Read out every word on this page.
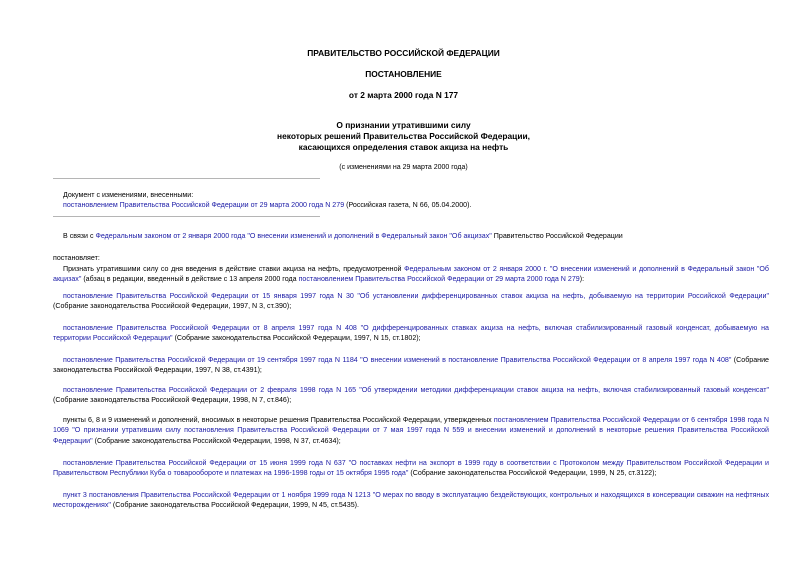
ПРАВИТЕЛЬСТВО РОССИЙСКОЙ ФЕДЕРАЦИИ
ПОСТАНОВЛЕНИЕ
от 2 марта 2000 года N 177
О признании утратившими силу
некоторых решений Правительства Российской Федерации,
касающихся определения ставок акциза на нефть
(с изменениями на 29 марта 2000 года)
Документ с изменениями, внесенными:
постановлением Правительства Российской Федерации от 29 марта 2000 года N 279 (Российская газета, N 66, 05.04.2000).
В связи с Федеральным законом от 2 января 2000 года "О внесении изменений и дополнений в Федеральный закон "Об акцизах" Правительство Российской Федерации
постановляет:
Признать утратившими силу со дня введения в действие ставки акциза на нефть, предусмотренной Федеральным законом от 2 января 2000 г. "О внесении изменений и дополнений в Федеральный закон "Об акцизах" (абзац в редакции, введенный в действие с 13 апреля 2000 года постановлением Правительства Российской Федерации от 29 марта 2000 года N 279):
постановление Правительства Российской Федерации от 15 января 1997 года N 30 "Об установлении дифференцированных ставок акциза на нефть, добываемую на территории Российской Федерации" (Собрание законодательства Российской Федерации, 1997, N 3, ст.390);
постановление Правительства Российской Федерации от 8 апреля 1997 года N 408 "О дифференцированных ставках акциза на нефть, включая стабилизированный газовый конденсат, добываемую на территории Российской Федерации" (Собрание законодательства Российской Федерации, 1997, N 15, ст.1802);
постановление Правительства Российской Федерации от 19 сентября 1997 года N 1184 "О внесении изменений в постановление Правительства Российской Федерации от 8 апреля 1997 года N 408" (Собрание законодательства Российской Федерации, 1997, N 38, ст.4391);
постановление Правительства Российской Федерации от 2 февраля 1998 года N 165 "Об утверждении методики дифференциации ставок акциза на нефть, включая стабилизированный газовый конденсат" (Собрание законодательства Российской Федерации, 1998, N 7, ст.846);
пункты 6, 8 и 9 изменений и дополнений, вносимых в некоторые решения Правительства Российской Федерации, утвержденных постановлением Правительства Российской Федерации от 6 сентября 1998 года N 1069 "О признании утратившим силу постановления Правительства Российской Федерации от 7 мая 1997 года N 559 и внесении изменений и дополнений в некоторые решения Правительства Российской Федерации" (Собрание законодательства Российской Федерации, 1998, N 37, ст.4634);
постановление Правительства Российской Федерации от 15 июня 1999 года N 637 "О поставках нефти на экспорт в 1999 году в соответствии с Протоколом между Правительством Российской Федерации и Правительством Республики Куба о товарообороте и платежах на 1996-1998 годы от 15 октября 1995 года" (Собрание законодательства Российской Федерации, 1999, N 25, ст.3122);
пункт 3 постановления Правительства Российской Федерации от 1 ноября 1999 года N 1213 "О мерах по вводу в эксплуатацию бездействующих, контрольных и находящихся в консервации скважин на нефтяных месторождениях" (Собрание законодательства Российской Федерации, 1999, N 45, ст.5435).
